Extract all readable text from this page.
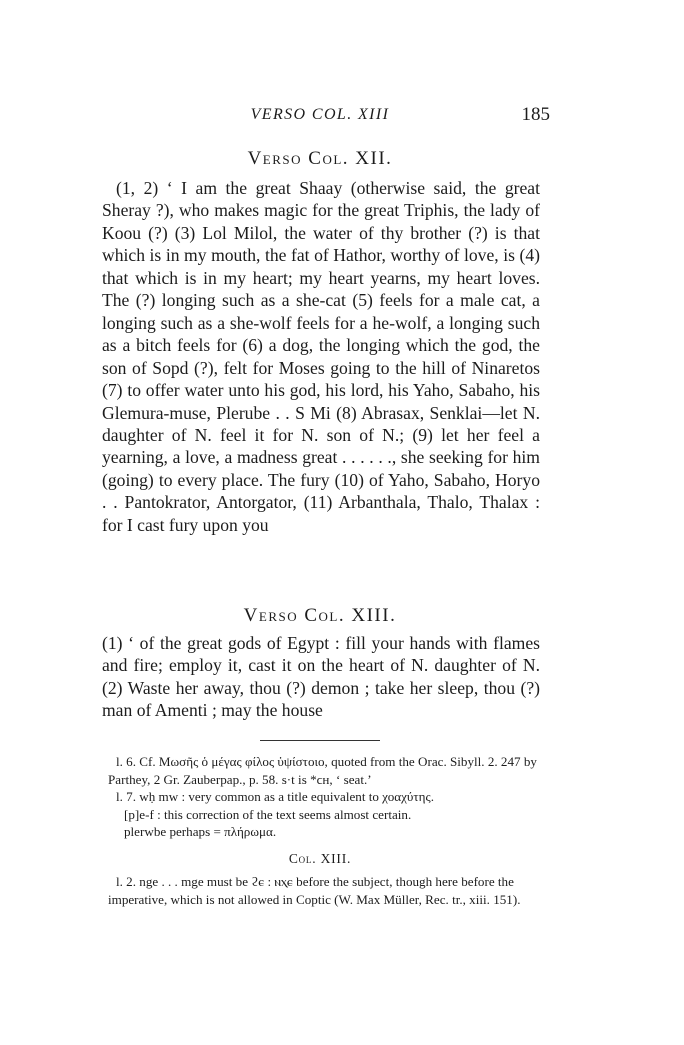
VERSO COL. XIII	185
Verso Col. XII.

(1, 2) ‘ I am the great Shaay (otherwise said, the great Sheray ?), who makes magic for the great Triphis, the lady of Koou (?) (3) Lol Milol, the water of thy brother (?) is that which is in my mouth, the fat of Hathor, worthy of love, is (4) that which is in my heart; my heart yearns, my heart loves. The (?) longing such as a she-cat (5) feels for a male cat, a longing such as a she-wolf feels for a he-wolf, a longing such as a bitch feels for (6) a dog, the longing which the god, the son of Sopd (?), felt for Moses going to the hill of Ninaretos (7) to offer water unto his god, his lord, his Yaho, Sabaho, his Glemura-muse, Plerube . . S Mi (8) Abrasax, Senklai—let N. daughter of N. feel it for N. son of N.; (9) let her feel a yearning, a love, a madness great . . . . . ., she seeking for him (going) to every place. The fury (10) of Yaho, Sabaho, Horyo . . Pantokrator, Antorgator, (11) Arbanthala, Thalo, Thalax : for I cast fury upon you

Verso Col. XIII.

(1) ‘ of the great gods of Egypt : fill your hands with flames and fire; employ it, cast it on the heart of N. daughter of N. (2) Waste her away, thou (?) demon ; take her sleep, thou (?) man of Amenti ; may the house

l. 6. Cf. Μωσῆς ὁ μέγας φίλος ὑψίστοιο, quoted from the Orac. Sibyll. 2. 247 by Parthey, 2 Gr. Zauberpap., p. 58. s·t is *ϲн, ‘ seat.’

l. 7. wḥ mw : very common as a title equivalent to χοαχύτης.

[p]e-f : this correction of the text seems almost certain.

plerwbe perhaps = πλήρωμα.

Col. XIII.

l. 2. nge . . . mge must be ϩⲉ : ⲛⲭⲉ before the subject, though here before the imperative, which is not allowed in Coptic (W. Max Müller, Rec. tr., xiii. 151).
